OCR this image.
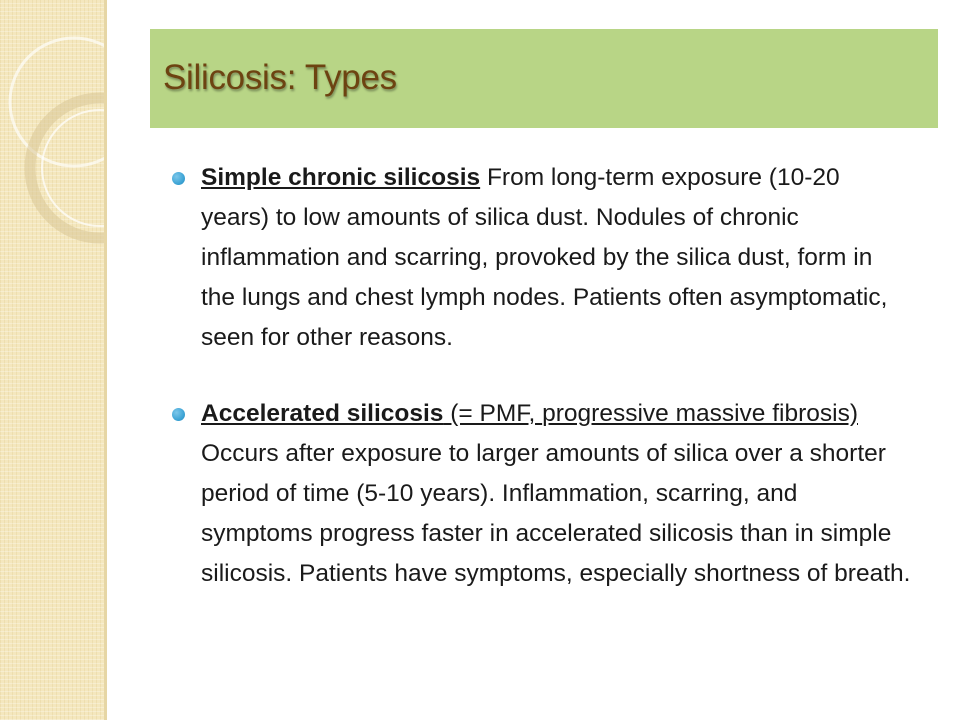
Silicosis: Types
Simple chronic silicosis From long-term exposure (10-20 years) to low amounts of silica dust. Nodules of chronic inflammation and scarring, provoked by the silica dust, form in the lungs and chest lymph nodes. Patients often asymptomatic, seen for other reasons.
Accelerated silicosis (= PMF, progressive massive fibrosis) Occurs after exposure to larger amounts of silica over a shorter period of time (5-10 years). Inflammation, scarring, and symptoms progress faster in accelerated silicosis than in simple silicosis. Patients have symptoms, especially shortness of breath.
